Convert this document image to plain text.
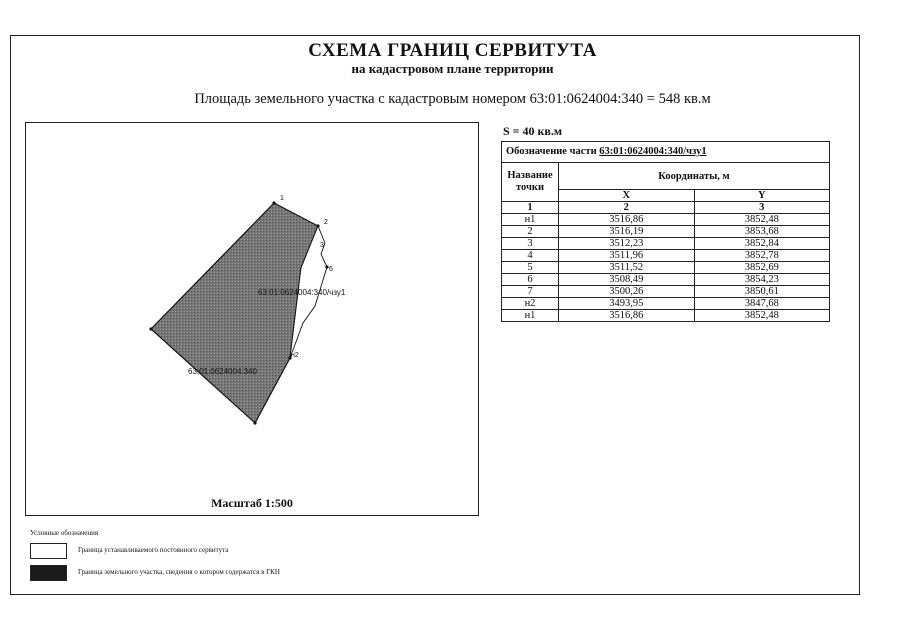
СХЕМА ГРАНИЦ СЕРВИТУТА
на кадастровом плане территории
Площадь земельного участка с кадастровым номером 63:01:0624004:340 = 548 кв.м
1
2
3
6
н2
63:01:0624004:340/чзу1
63:01:0624004:340
Масштаб 1:500
S = 40 кв.м
Обозначение части 63:01:0624004:340/чзу1		
Название точки	Координаты, м	
	X	Y
1	2	3
н1	3516,86	3852,48
2	3516,19	3853,68
3	3512,23	3852,84
4	3511,96	3852,78
5	3511,52	3852,69
6	3508,49	3854,23
7	3500,26	3850,61
н2	3493,95	3847,68
н1	3516,86	3852,48
Условные обозначения
Граница устанавливаемого постоянного сервитута
Граница земельного участка, сведения о котором содержатся в ГКН
